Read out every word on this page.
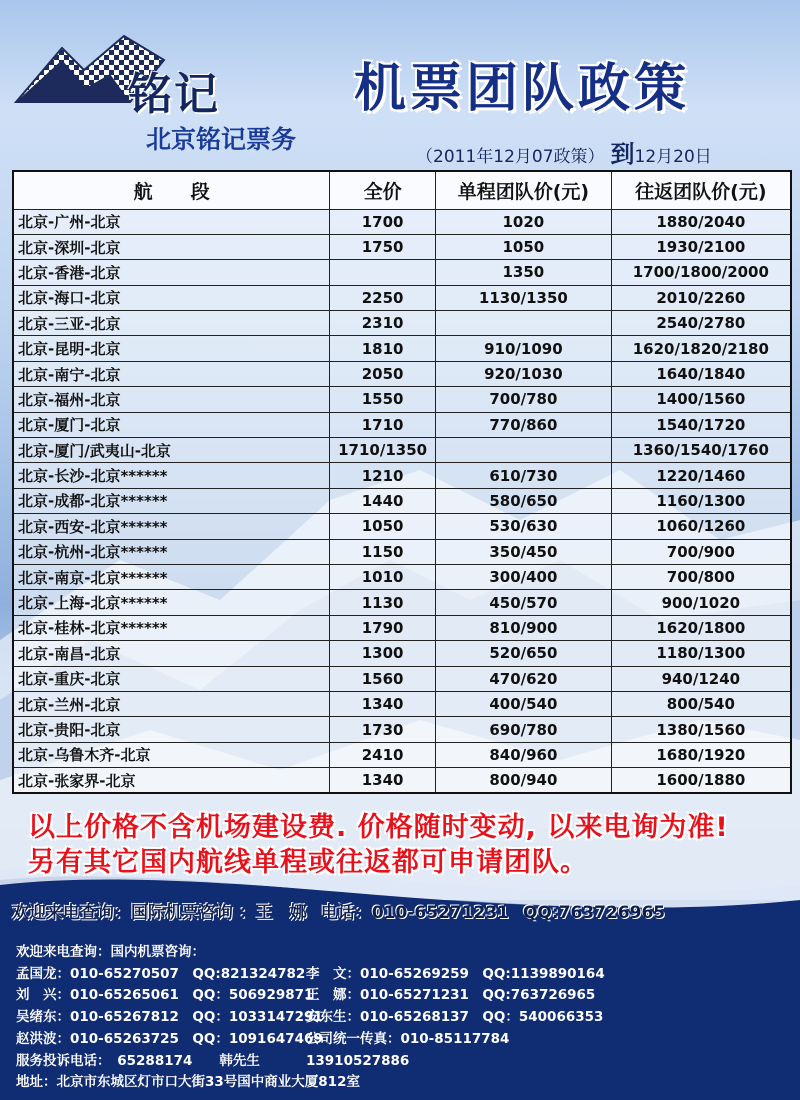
铭记
北京铭记票务
机票团队政策
（2011年12月07政策） 到12月20日
航　　段	全价	单程团队价(元)	往返团队价(元)
北京-广州-北京	1700	1020	1880/2040
北京-深圳-北京	1750	1050	1930/2100
北京-香港-北京		1350	1700/1800/2000
北京-海口-北京	2250	1130/1350	2010/2260
北京-三亚-北京	2310		2540/2780
北京-昆明-北京	1810	910/1090	1620/1820/2180
北京-南宁-北京	2050	920/1030	1640/1840
北京-福州-北京	1550	700/780	1400/1560
北京-厦门-北京	1710	770/860	1540/1720
北京-厦门/武夷山-北京	1710/1350		1360/1540/1760
北京-长沙-北京******	1210	610/730	1220/1460
北京-成都-北京******	1440	580/650	1160/1300
北京-西安-北京******	1050	530/630	1060/1260
北京-杭州-北京******	1150	350/450	700/900
北京-南京-北京******	1010	300/400	700/800
北京-上海-北京******	1130	450/570	900/1020
北京-桂林-北京******	1790	810/900	1620/1800
北京-南昌-北京	1300	520/650	1180/1300
北京-重庆-北京	1560	470/620	940/1240
北京-兰州-北京	1340	400/540	800/540
北京-贵阳-北京	1730	690/780	1380/1560
北京-乌鲁木齐-北京	2410	840/960	1680/1920
北京-张家界-北京	1340	800/940	1600/1880
以上价格不含机场建设费. 价格随时变动, 以来电询为准!
另有其它国内航线单程或往返都可申请团队。
欢迎来电查询：国际机票咨询 ：王　娜 电话：010-65271231 QQ:763726965
欢迎来电查询：国内机票咨询：
孟国龙：010-65270507　QQ:821324782 李　文：010-65269259　QQ:1139890164
刘　兴：010-65265061　QQ：506929871
王　娜：010-65271231　QQ:763726965
吴绪东：010-65267812　QQ：1033147291
安东生：010-65268137　QQ：540066353
赵洪波：010-65263725　QQ：1091647469
公司统一传真：010-85117784
服务投诉电话：　65288174　　韩先生	13910527886
地址：北京市东城区灯市口大街33号国中商业大厦812室
